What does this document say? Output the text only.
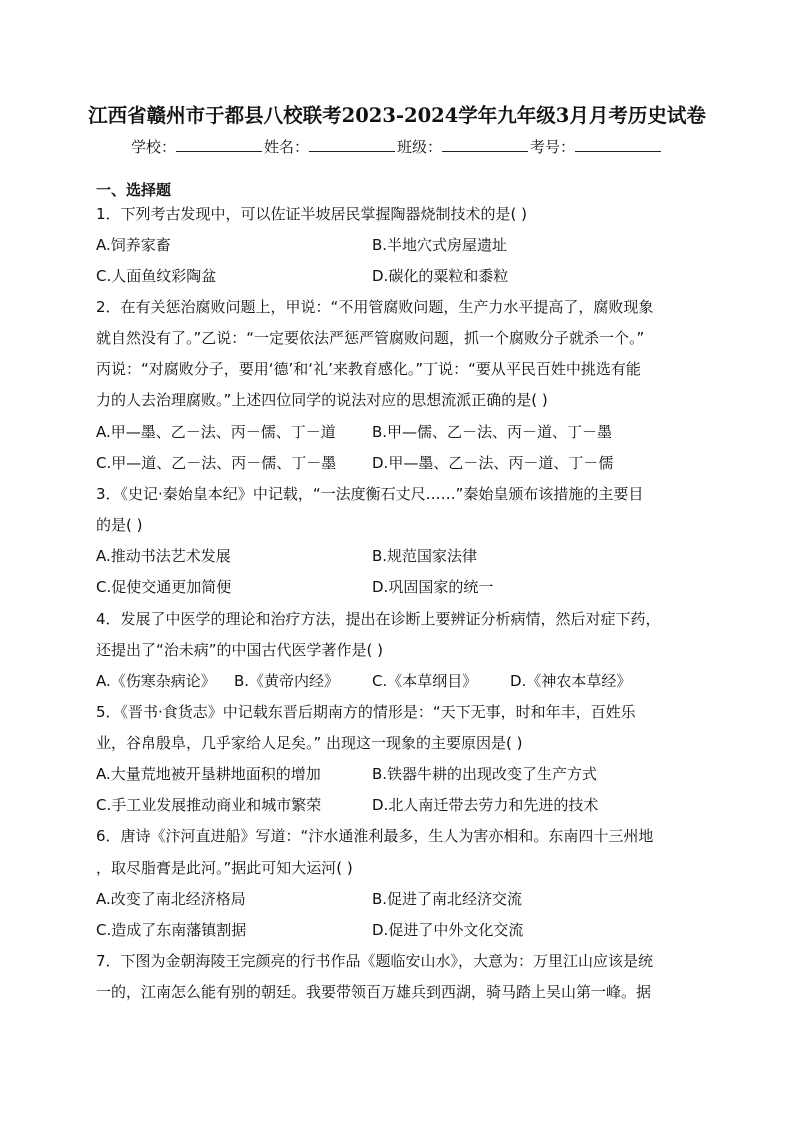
江西省赣州市于都县八校联考2023-2024学年九年级3月月考历史试卷
学校：	姓名：	班级：	考号：
一、选择题
1．下列考古发现中，可以佐证半坡居民掌握陶器烧制技术的是( )
A.饲养家畜	B.半地穴式房屋遗址
C.人面鱼纹彩陶盆	D.碳化的粟粒和黍粒
2．在有关惩治腐败问题上，甲说：“不用管腐败问题，生产力水平提高了，腐败现象
就自然没有了。”乙说：“一定要依法严惩严管腐败问题，抓一个腐败分子就杀一个。”
丙说：“对腐败分子，要用‘德’和‘礼’来教育感化。”丁说：“要从平民百姓中挑选有能
力的人去治理腐败。”上述四位同学的说法对应的思想流派正确的是( )
A.甲—墨、乙－法、丙－儒、丁－道 B.甲—儒、乙－法、丙－道、丁－墨
C.甲—道、乙－法、丙－儒、丁－墨 D.甲—墨、乙－法、丙－道、丁－儒
3．《史记·秦始皇本纪》中记载，“一法度衡石丈尺……”秦始皇颁布该措施的主要目
的是( )
A.推动书法艺术发展	B.规范国家法律
C.促使交通更加简便	D.巩固国家的统一
4．发展了中医学的理论和治疗方法，提出在诊断上要辨证分析病情，然后对症下药，
还提出了“治未病”的中国古代医学著作是( )
A.《伤寒杂病论》 B.《黄帝内经》 C.《本草纲目》 D.《神农本草经》
5．《晋书·食货志》中记载东晋后期南方的情形是：“天下无事，时和年丰，百姓乐
业，谷帛殷阜，几乎家给人足矣。” 出现这一现象的主要原因是( )
A.大量荒地被开垦耕地面积的增加	B.铁器牛耕的出现改变了生产方式
C.手工业发展推动商业和城市繁荣	D.北人南迁带去劳力和先进的技术
6．唐诗《汴河直进船》写道：“汴水通淮利最多，生人为害亦相和。东南四十三州地
，取尽脂膏是此河。”据此可知大运河( )
A.改变了南北经济格局	B.促进了南北经济交流
C.造成了东南藩镇割据	D.促进了中外文化交流
7．下图为金朝海陵王完颜亮的行书作品《题临安山水》，大意为：万里江山应该是统
一的，江南怎么能有别的朝廷。我要带领百万雄兵到西湖，骑马踏上吴山第一峰。据
